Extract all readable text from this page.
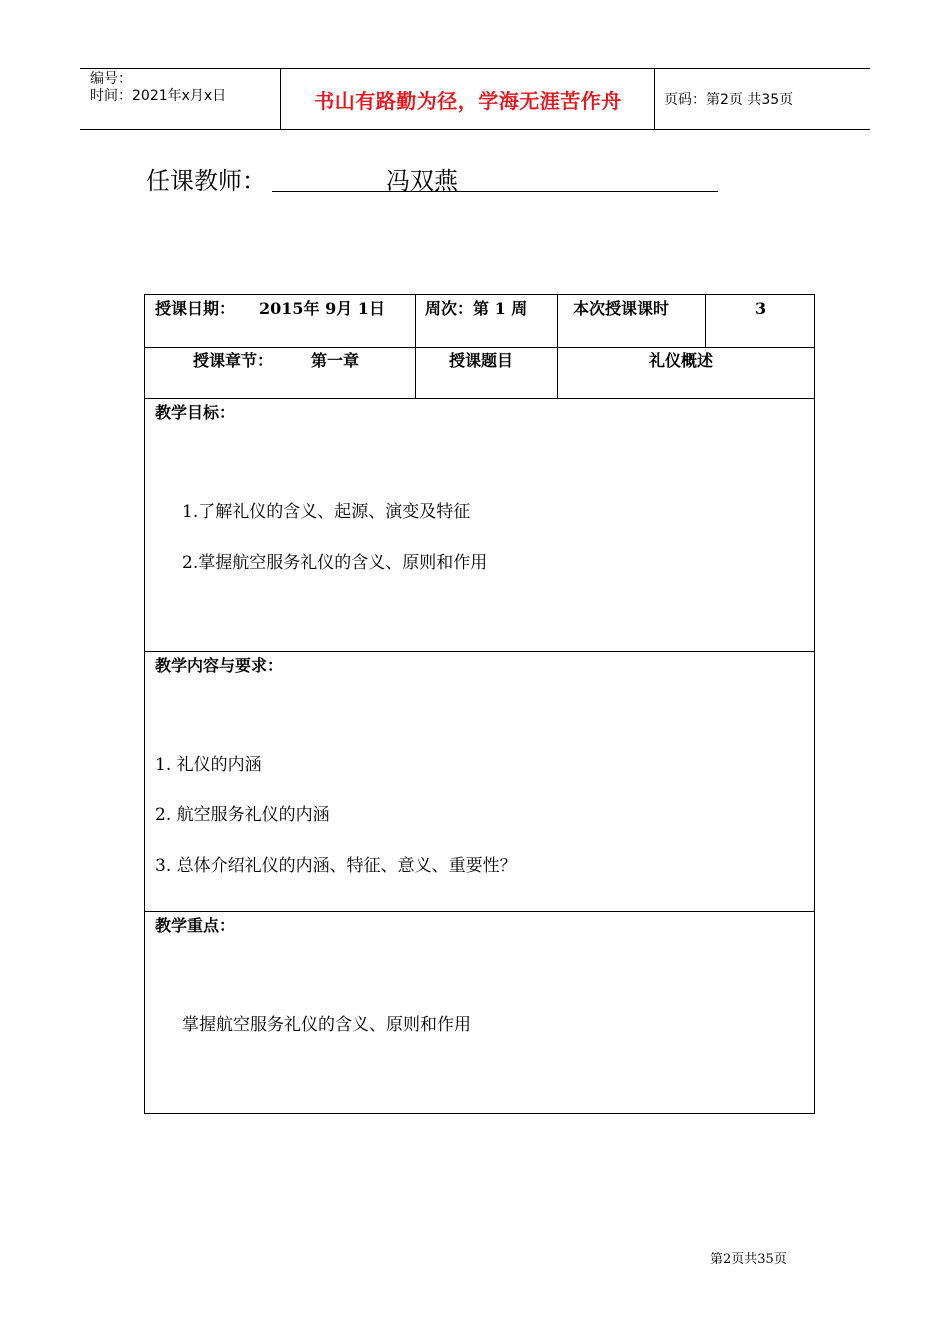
编号：
时间：2021年x月x日	书山有路勤为径，学海无涯苦作舟	页码：第2页 共35页
任课教师：	冯双燕
授课日期： 2015年 9月 1日	周次：第 1 周	本次授课课时	3
授课章节： 第一章	授课题目	礼仪概述
教学目标：
1.了解礼仪的含义、起源、演变及特征
2.掌握航空服务礼仪的含义、原则和作用
教学内容与要求：
1. 礼仪的内涵
2. 航空服务礼仪的内涵
3. 总体介绍礼仪的内涵、特征、意义、重要性？
教学重点：
掌握航空服务礼仪的含义、原则和作用
第2页共35页
